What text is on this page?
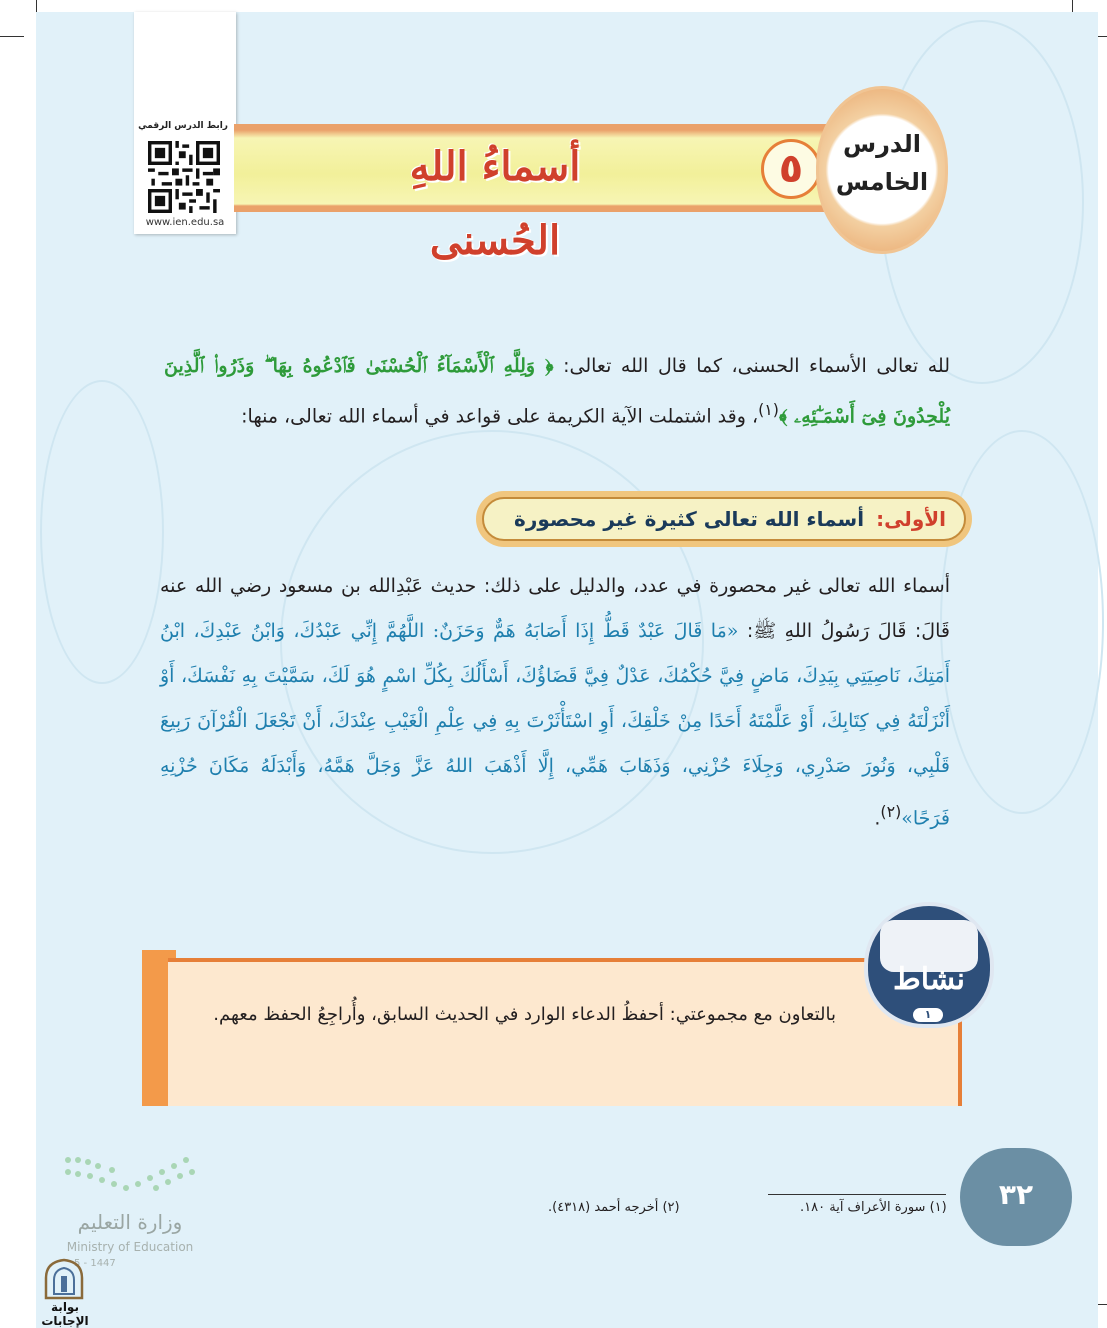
رابط الدرس الرقمي
www.ien.edu.sa
أسماءُ اللهِ الحُسنى
٥
الدرس
الخامس
لله تعالى الأسماء الحسنى، كما قال الله تعالى: ﴿ وَلِلَّهِ ٱلْأَسْمَآءُ ٱلْحُسْنَىٰ فَٱدْعُوهُ بِهَا ۖ وَذَرُوا۟ ٱلَّذِينَ يُلْحِدُونَ فِىٓ أَسْمَـٰٓئِهِۦ ﴾$^{(١)}$، وقد اشتملت الآية الكريمة على قواعد في أسماء الله تعالى، منها:
الأولى:
أسماء الله تعالى كثيرة غير محصورة
أسماء الله تعالى غير محصورة في عدد، والدليل على ذلك: حديث عَبْدِالله بن مسعود رضي الله عنه قَالَ: قَالَ رَسُولُ اللهِ ﷺ: «مَا قَالَ عَبْدٌ قَطُّ إِذَا أَصَابَهُ هَمٌّ وَحَزَنٌ: اللَّهُمَّ إِنِّي عَبْدُكَ، وَابْنُ عَبْدِكَ، ابْنُ أَمَتِكَ، نَاصِيَتِي بِيَدِكَ، مَاضٍ فِيَّ حُكْمُكَ، عَدْلٌ فِيَّ قَضَاؤُكَ، أَسْأَلُكَ بِكُلِّ اسْمٍ هُوَ لَكَ، سَمَّيْتَ بِهِ نَفْسَكَ، أَوْ أَنْزَلْتَهُ فِي كِتَابِكَ، أَوْ عَلَّمْتَهُ أَحَدًا مِنْ خَلْقِكَ، أَوِ اسْتَأْثَرْتَ بِهِ فِي عِلْمِ الْغَيْبِ عِنْدَكَ، أَنْ تَجْعَلَ الْقُرْآنَ رَبِيعَ قَلْبِي، وَنُورَ صَدْرِي، وَجِلَاءَ حُزْنِي، وَذَهَابَ هَمِّي، إِلَّا أَذْهَبَ اللهُ عَزَّ وَجَلَّ هَمَّهُ، وَأَبْدَلَهُ مَكَانَ حُزْنِهِ فَرَحًا»$^{(٢)}$.
بالتعاون مع مجموعتي: أحفظُ الدعاء الوارد في الحديث السابق، وأُراجِعُ الحفظ معهم.
نشاط
١
(١) سورة الأعراف آية ١٨٠.
(٢) أخرجه أحمد (٤٣١٨).	٣٢
وزارة التعليم
Ministry of Education
5 - 1447
بوابة الإجابات
